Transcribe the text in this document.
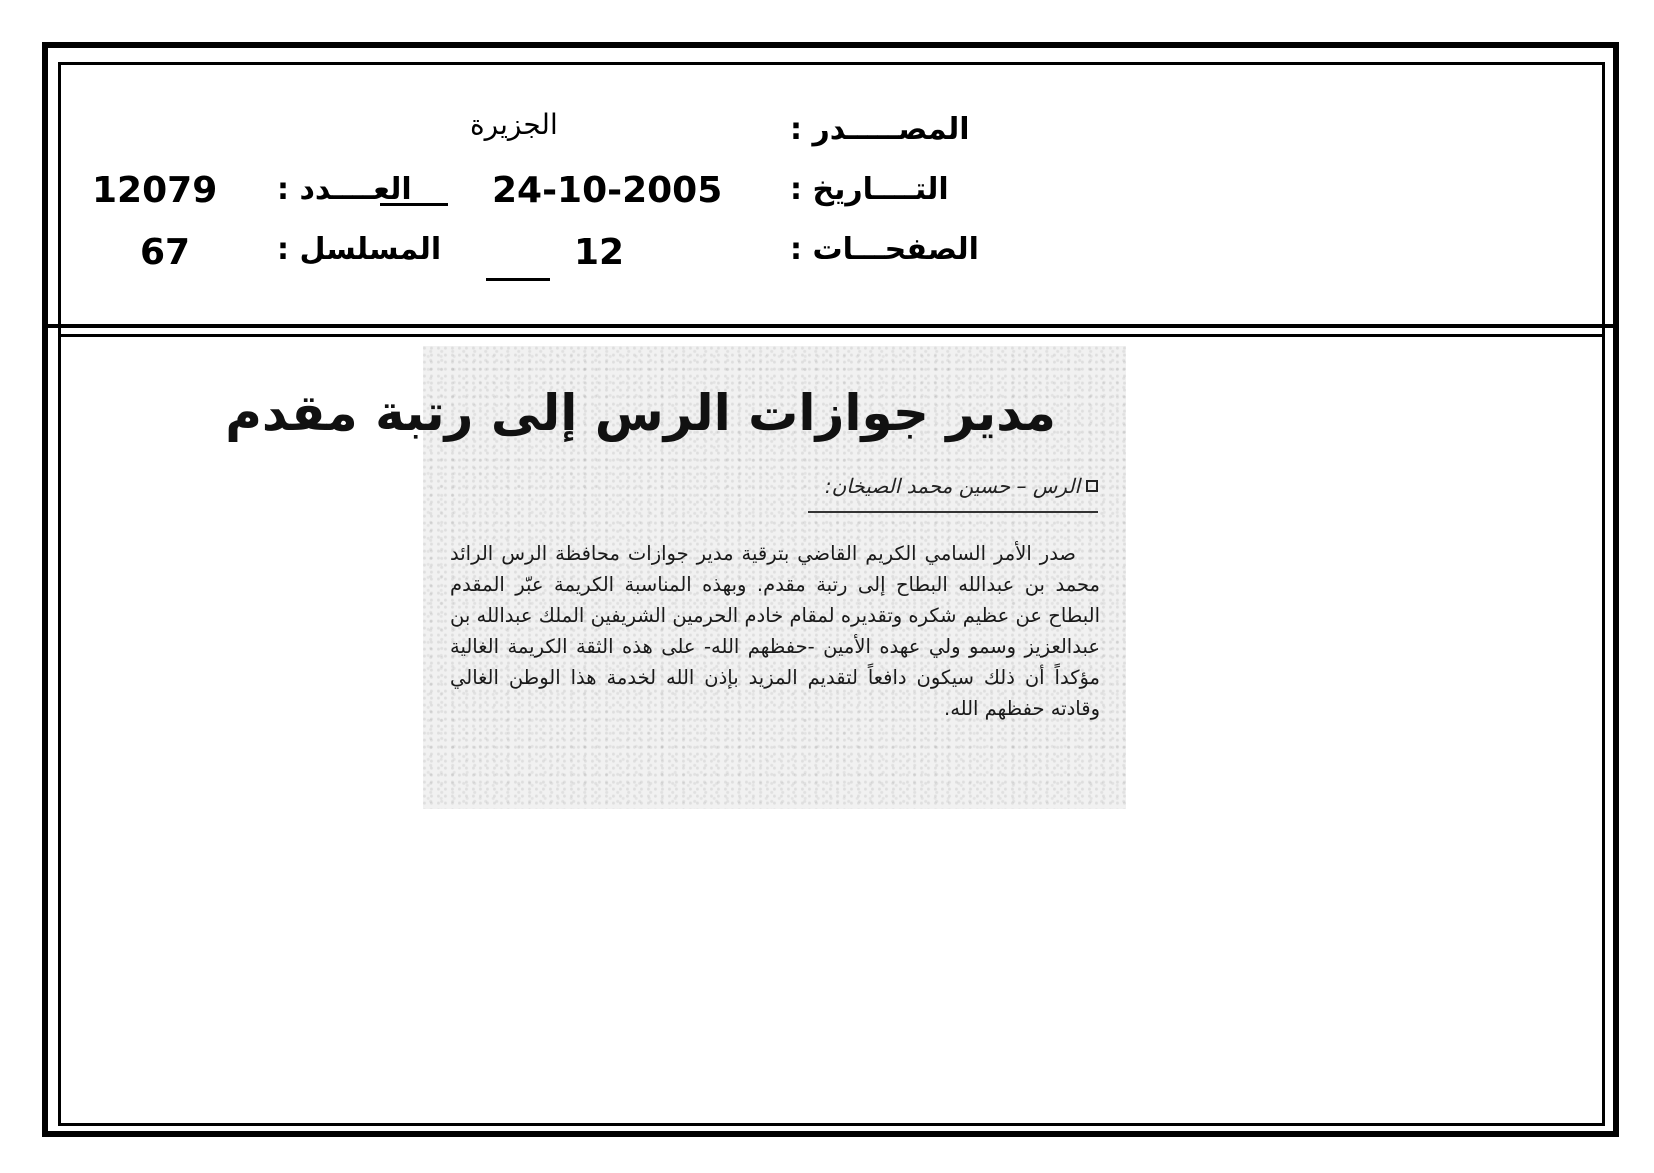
المصـــــدر :
الجزيرة
التــــاريخ :
24-10-2005
العــــدد :
12079
الصفحـــات :
12
المسلسل :
67
مدير جوازات الرس إلى رتبة مقدم
الرس – حسين محمد الصيخان:
صدر الأمر السامي الكريم القاضي بترقية مدير جوازات محافظة الرس الرائد محمد بن عبدالله البطاح إلى رتبة مقدم. وبهذه المناسبة الكريمة عبّر المقدم البطاح عن عظيم شكره وتقديره لمقام خادم الحرمين الشريفين الملك عبدالله بن عبدالعزيز وسمو ولي عهده الأمين -حفظهم الله- على هذه الثقة الكريمة الغالية مؤكداً أن ذلك سيكون دافعاً لتقديم المزيد بإذن الله لخدمة هذا الوطن الغالي وقادته حفظهم الله.
